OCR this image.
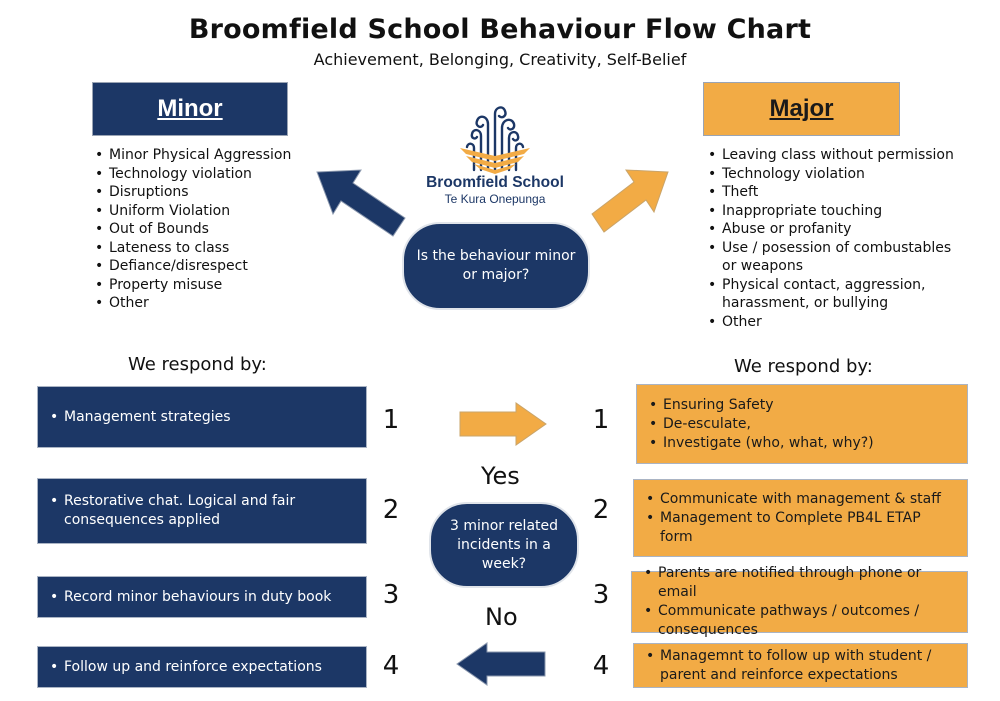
Broomfield School Behaviour Flow Chart
Achievement, Belonging, Creativity, Self-Belief
Minor	Major
• Minor Physical Aggression
• Technology violation
• Disruptions
• Uniform Violation
• Out of Bounds
• Lateness to class
• Defiance/disrespect
• Property misuse
• Other
• Leaving class without permission
• Technology violation
• Theft
• Inappropriate touching
• Abuse or profanity
• Use / posession of combustables or weapons
• Physical contact, aggression, harassment, or bullying
• Other
Broomfield School
Te Kura Onepunga
Is the behaviour minor or major?
We respond by:	We respond by:
• Management strategies
• Restorative chat. Logical and fair consequences applied
• Record minor behaviours in duty book
• Follow up and reinforce expectations
• Ensuring Safety
• De-esculate,
• Investigate (who, what, why?)
• Communicate with management & staff
• Management to Complete PB4L ETAP form
• Parents are notified through phone or email
• Communicate pathways / outcomes / consequences
• Managemnt to follow up with student / parent and reinforce expectations
1
2
3
4
1
2
3
4
Yes
3 minor related incidents in a week?
No
